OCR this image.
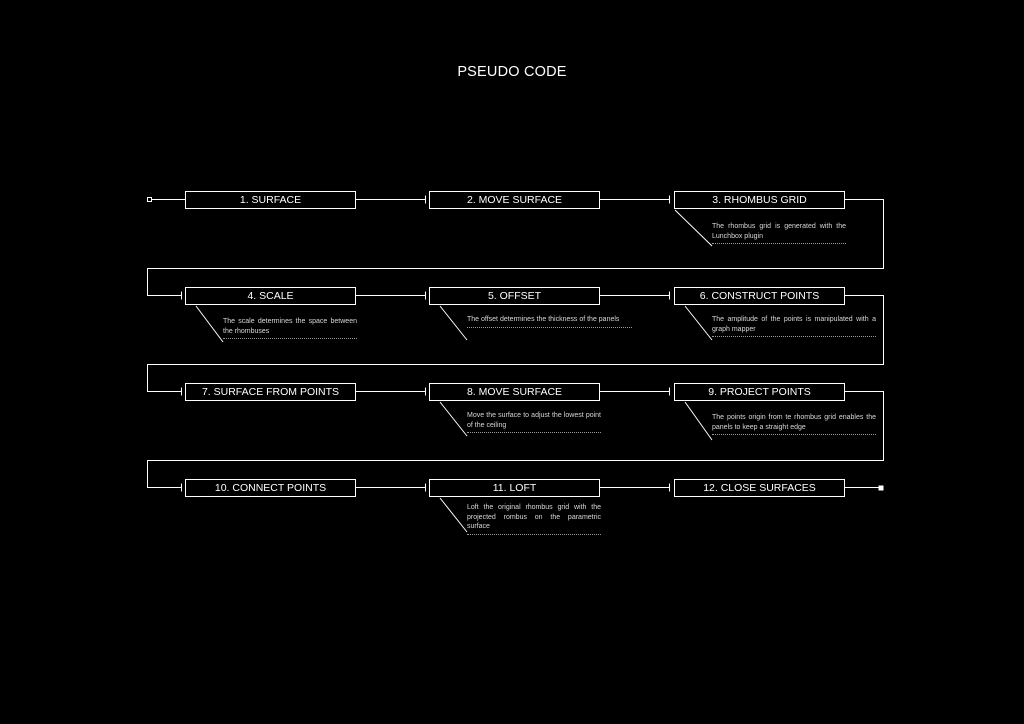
PSEUDO CODE
1. SURFACE	2. MOVE SURFACE	3. RHOMBUS GRID
The rhombus grid is generated with the Lunchbox plugin
4. SCALE
The scale determines the space between the rhombuses
5. OFFSET
The offset determines the thickness of the panels
6. CONSTRUCT POINTS
The amplitude of the points is manipulated with a graph mapper
7. SURFACE FROM POINTS	8. MOVE SURFACE
Move the surface to adjust the lowest point of the ceiling
9. PROJECT POINTS
The points origin from te rhombus grid enables the panels to keep a straight edge
10. CONNECT POINTS	11. LOFT
Loft the original rhombus grid with the projected rombus on the parametric surface
12. CLOSE SURFACES
